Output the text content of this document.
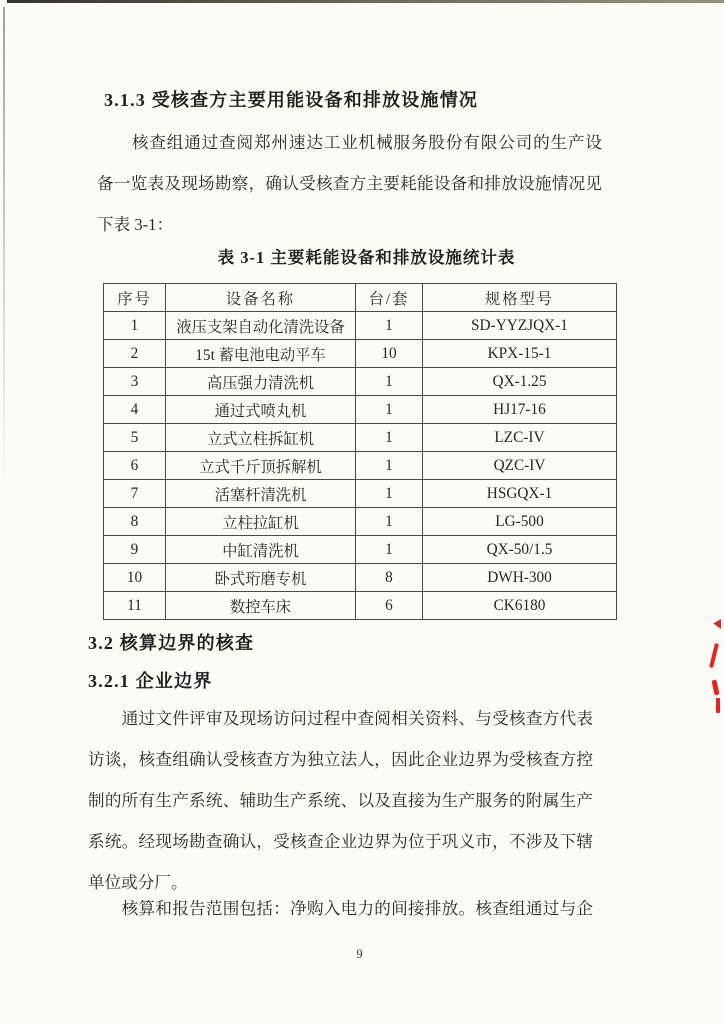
3.1.3 受核查方主要用能设备和排放设施情况
　　核查组通过查阅郑州速达工业机械服务股份有限公司的生产设
备一览表及现场勘察，确认受核查方主要耗能设备和排放设施情况见
下表 3-1：
表 3-1 主要耗能设备和排放设施统计表
序号	设备名称	台/套	规格型号
1	液压支架自动化清洗设备	1	SD-YYZJQX-1
2	15t 蓄电池电动平车	10	KPX-15-1
3	高压强力清洗机	1	QX-1.25
4	通过式喷丸机	1	HJ17-16
5	立式立柱拆缸机	1	LZC-IV
6	立式千斤顶拆解机	1	QZC-IV
7	活塞杆清洗机	1	HSGQX-1
8	立柱拉缸机	1	LG-500
9	中缸清洗机	1	QX-50/1.5
10	卧式珩磨专机	8	DWH-300
11	数控车床	6	CK6180
3.2 核算边界的核查
3.2.1 企业边界
　　通过文件评审及现场访问过程中查阅相关资料、与受核查方代表
访谈，核查组确认受核查方为独立法人，因此企业边界为受核查方控
制的所有生产系统、辅助生产系统、以及直接为生产服务的附属生产
系统。经现场勘查确认，受核查企业边界为位于巩义市，不涉及下辖
单位或分厂。
　　核算和报告范围包括：净购入电力的间接排放。核查组通过与企
9
